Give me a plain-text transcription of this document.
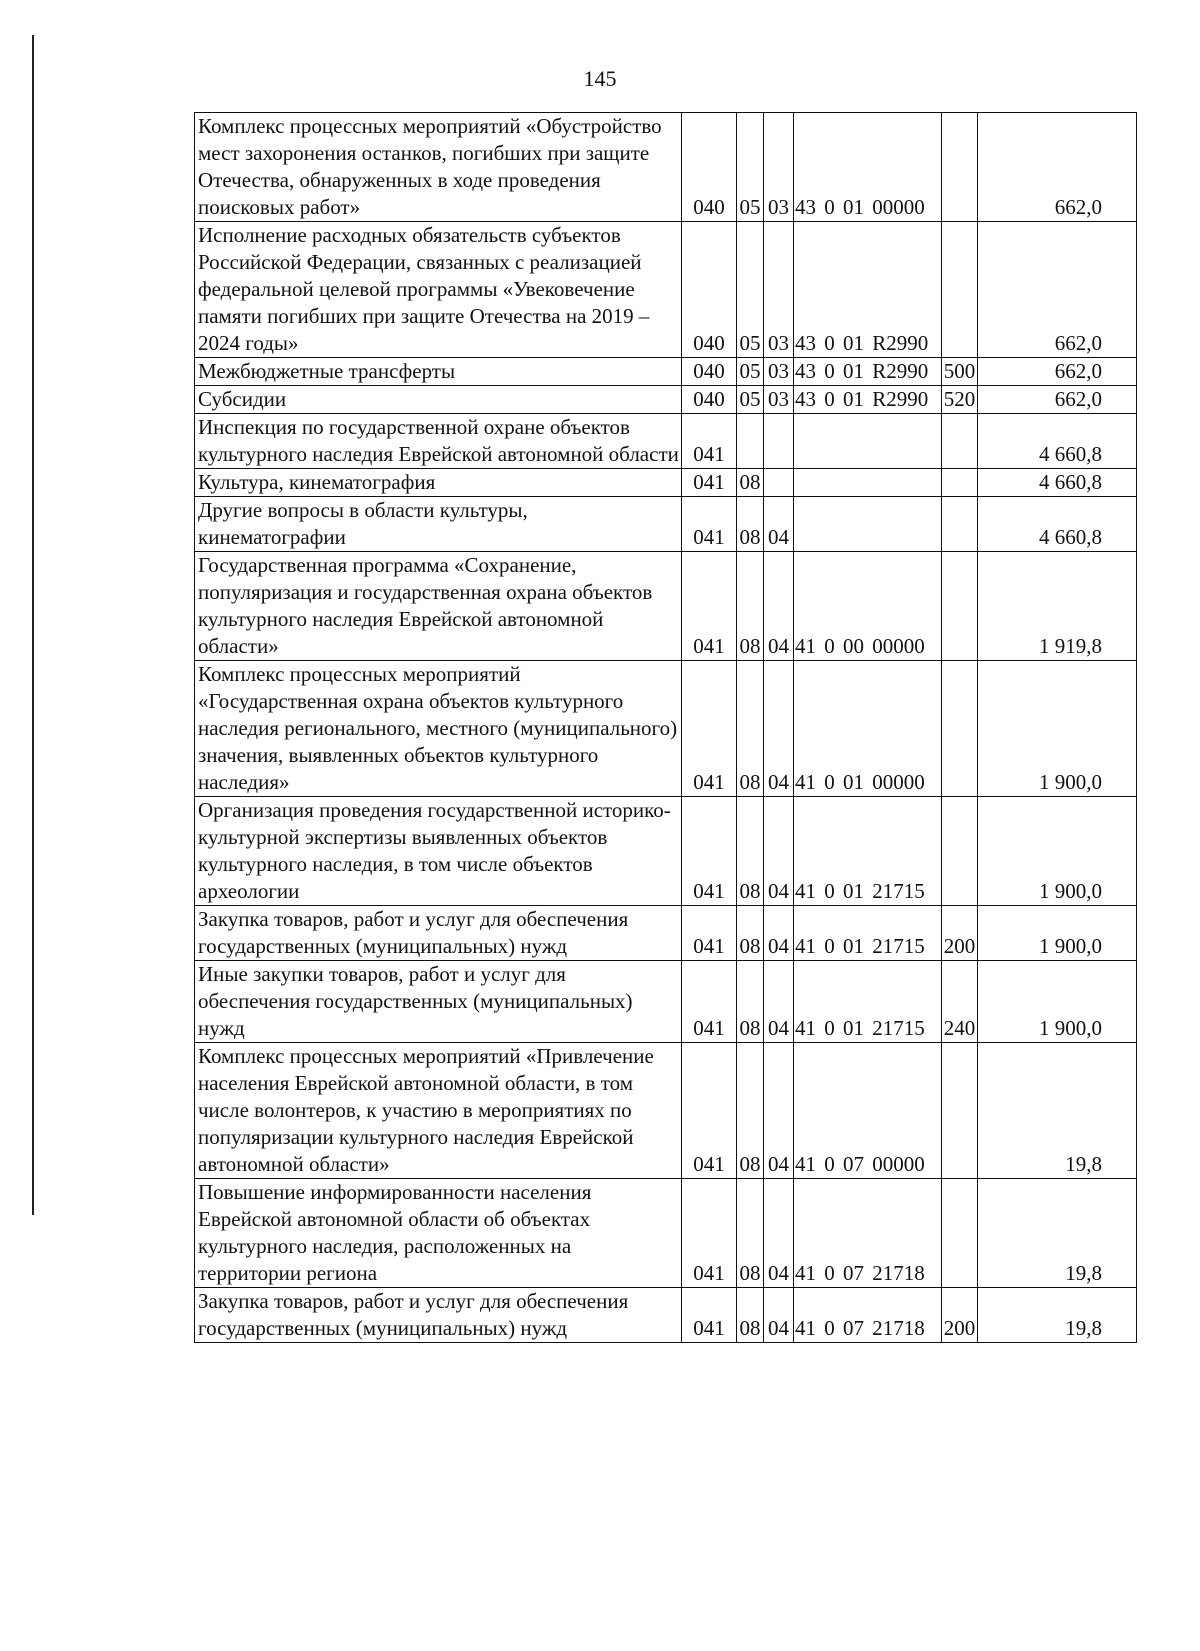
145
Комплекс процессных мероприятий «Обустройство мест захоронения останков, погибших при защите Отечества, обнаруженных в ходе проведения поисковых работ»	040	05	03	43 0 01 00000		662,0
Исполнение расходных обязательств субъектов Российской Федерации, связанных с реализацией федеральной целевой программы «Увековечение памяти погибших при защите Отечества на 2019 – 2024 годы»	040	05	03	43 0 01 R2990		662,0
Межбюджетные трансферты	040	05	03	43 0 01 R2990	500	662,0
Субсидии	040	05	03	43 0 01 R2990	520	662,0
Инспекция по государственной охране объектов культурного наследия Еврейской автономной области	041					4 660,8
Культура, кинематография	041	08				4 660,8
Другие вопросы в области культуры, кинематографии	041	08	04			4 660,8
Государственная программа «Сохранение, популяризация и государственная охрана объектов культурного наследия Еврейской автономной области»	041	08	04	41 0 00 00000		1 919,8
Комплекс процессных мероприятий «Государственная охрана объектов культурного наследия регионального, местного (муниципального) значения, выявленных объектов культурного наследия»	041	08	04	41 0 01 00000		1 900,0
Организация проведения государственной историко-культурной экспертизы выявленных объектов культурного наследия, в том числе объектов археологии	041	08	04	41 0 01 21715		1 900,0
Закупка товаров, работ и услуг для обеспечения государственных (муниципальных) нужд	041	08	04	41 0 01 21715	200	1 900,0
Иные закупки товаров, работ и услуг для обеспечения государственных (муниципальных) нужд	041	08	04	41 0 01 21715	240	1 900,0
Комплекс процессных мероприятий «Привлечение населения Еврейской автономной области, в том числе волонтеров, к участию в мероприятиях по популяризации культурного наследия Еврейской автономной области»	041	08	04	41 0 07 00000		19,8
Повышение информированности населения Еврейской автономной области об объектах культурного наследия, расположенных на территории региона	041	08	04	41 0 07 21718		19,8
Закупка товаров, работ и услуг для обеспечения государственных (муниципальных) нужд	041	08	04	41 0 07 21718	200	19,8
